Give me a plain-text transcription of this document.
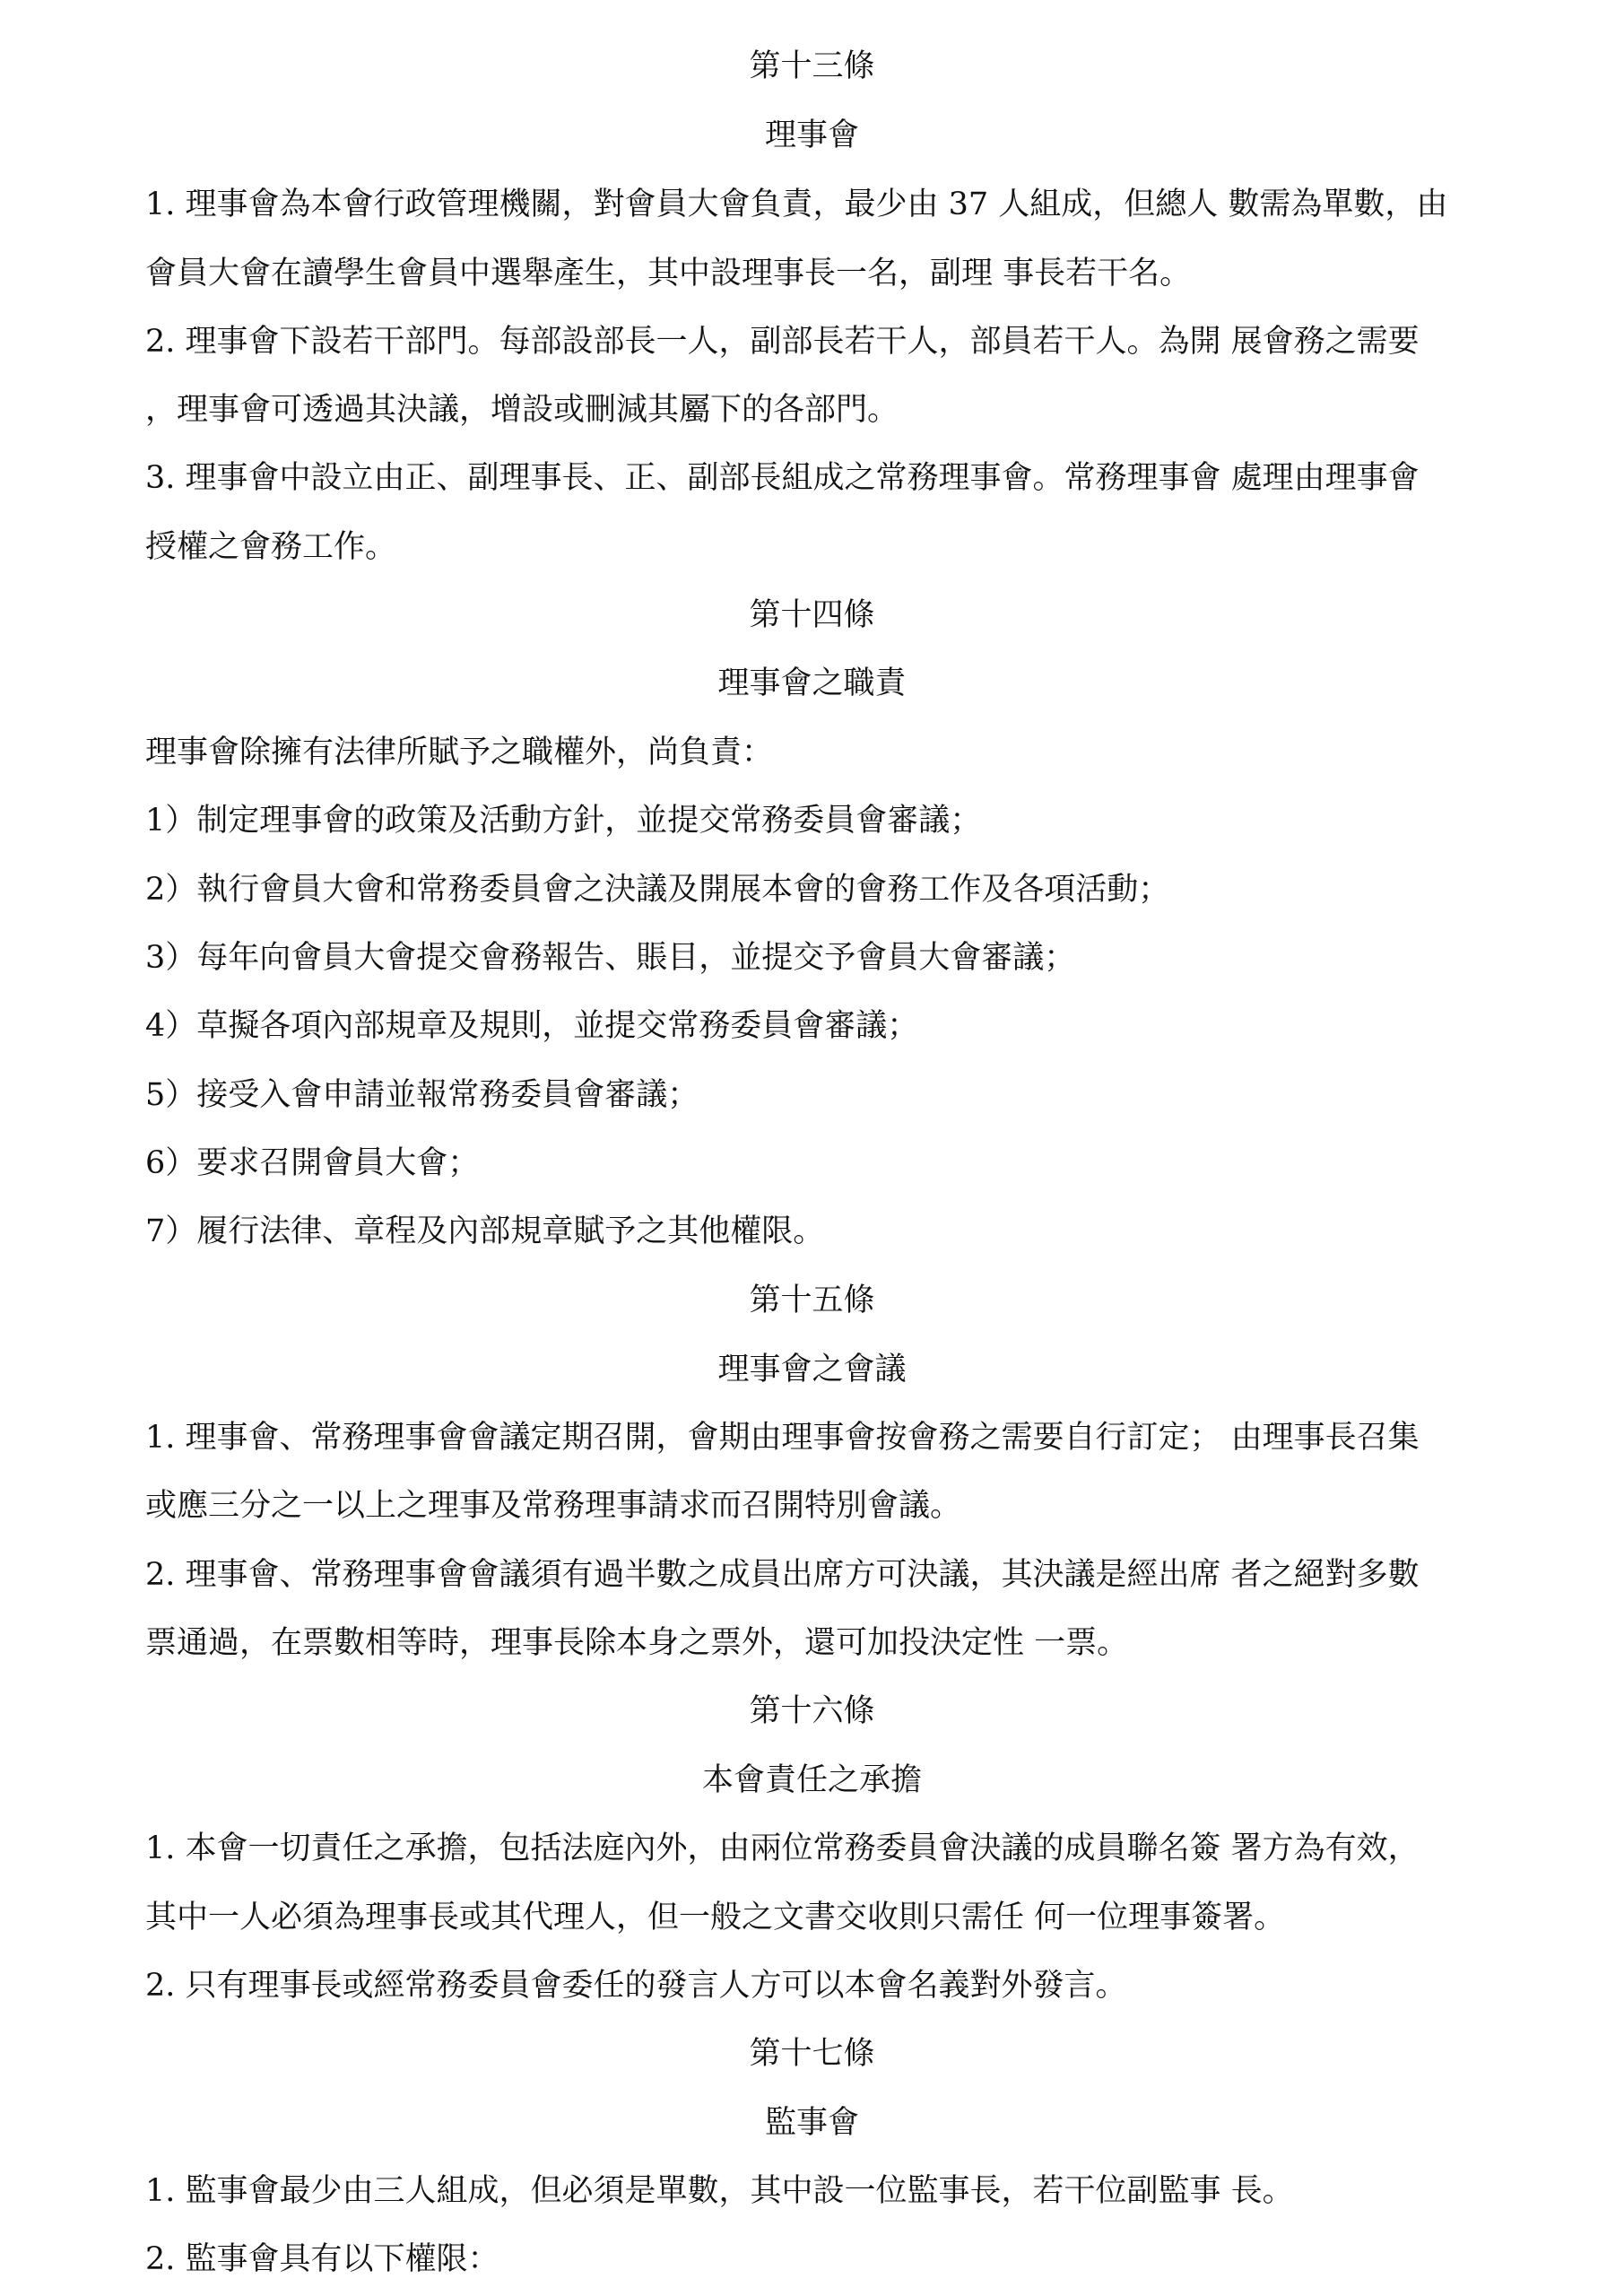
第十三條
理事會
1. 理事會為本會行政管理機關，對會員大會負責，最少由 37 人組成，但總人 數需為單數，由
會員大會在讀學生會員中選舉產生，其中設理事長一名，副理 事長若干名。
2. 理事會下設若干部門。每部設部長一人，副部長若干人，部員若干人。為開 展會務之需要
，理事會可透過其決議，增設或刪減其屬下的各部門。
3. 理事會中設立由正、副理事長、正、副部長組成之常務理事會。常務理事會 處理由理事會
授權之會務工作。
第十四條
理事會之職責
理事會除擁有法律所賦予之職權外，尚負責：
1）制定理事會的政策及活動方針，並提交常務委員會審議；
2）執行會員大會和常務委員會之決議及開展本會的會務工作及各項活動；
3）每年向會員大會提交會務報告、賬目，並提交予會員大會審議；
4）草擬各項內部規章及規則，並提交常務委員會審議；
5）接受入會申請並報常務委員會審議；
6）要求召開會員大會；
7）履行法律、章程及內部規章賦予之其他權限。
第十五條
理事會之會議
1. 理事會、常務理事會會議定期召開，會期由理事會按會務之需要自行訂定； 由理事長召集
或應三分之一以上之理事及常務理事請求而召開特別會議。
2. 理事會、常務理事會會議須有過半數之成員出席方可決議，其決議是經出席 者之絕對多數
票通過，在票數相等時，理事長除本身之票外，還可加投決定性 一票。
第十六條
本會責任之承擔
1. 本會一切責任之承擔，包括法庭內外，由兩位常務委員會決議的成員聯名簽 署方為有效，
其中一人必須為理事長或其代理人，但一般之文書交收則只需任 何一位理事簽署。
2. 只有理事長或經常務委員會委任的發言人方可以本會名義對外發言。
第十七條
監事會
1. 監事會最少由三人組成，但必須是單數，其中設一位監事長，若干位副監事 長。
2. 監事會具有以下權限：
